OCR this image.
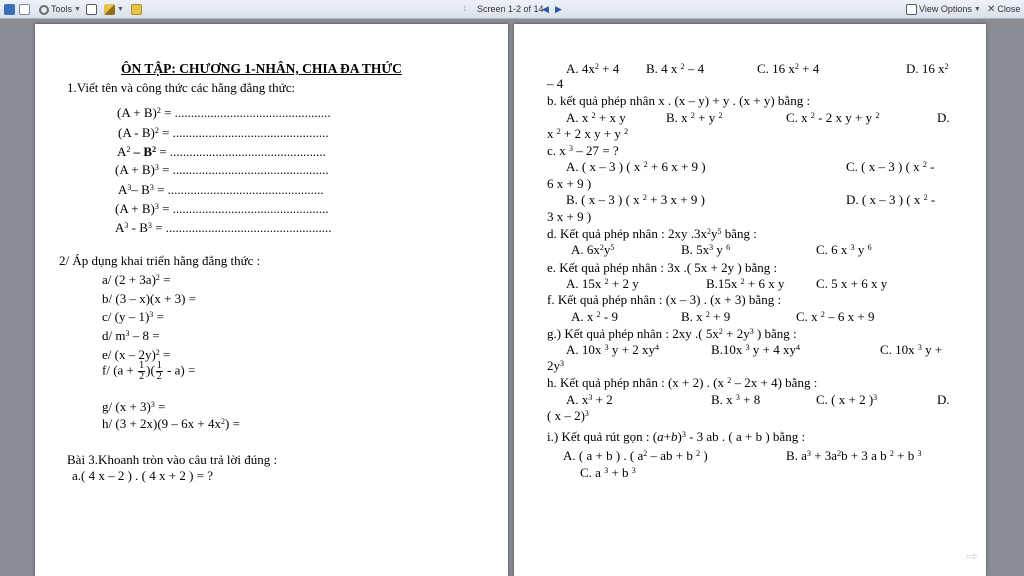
Tools ▼	▼	⁞ Screen 1-2 of 14
◀ ▶	View Options ▼ ✕ Close
ÔN TẬP: CHƯƠNG 1-NHÂN, CHIA ĐA THỨC
1.Viết tên và công thức các hằng đẳng thức:
$(A + B)^2$ = ................................................
(A - B)$^2$ = ................................................
$A^2 - B^2$ = ................................................
$(A + B)^3$ = ................................................
$A^3-$ $B^3$ = ................................................
$(A + B)^3$ = ................................................
$A^3 - B^3$ = ...................................................
2/ Áp dụng khai triển hằng đẳng thức :
a/ $(2 + 3a)^2$ =
b/ (3 – x)(x + 3) =
c/ (y – 1)$^3$ =
d/ $m^3 - 8$ =
e/ (x – 2y)$^2$ =
f/ ($a + \frac{1}{2}$ )( $\frac{1}{2} - a$) =
g/ $(x + 3)^3$ =
h/ $(3 + 2x)(9 - 6x + 4x^2)$ =
Bài 3.Khoanh tròn vào câu trả lời đúng :
a.( 4 x – 2 ) . ( 4 x + 2 ) = ?
A. $4x^2 + 4$ B. 4 x $^2$ – 4	C. 16 $x^2 + 4$	D. 16 $x^2$
– 4
b. kết quả phép nhân x . (x – y) + y . (x + y) bằng :
A. x $^2$ + x y	B. x $^2$ + y $^2$	C. x $^2$ - 2 x y + y $^2$	D.
x $^2$ + 2 x y + y $^2$
c. x $^3$ – 27 = ?
A. ( x – 3 ) ( x $^2$ + 6 x + 9 )	C. ( x – 3 ) ( x $^2$ -
6 x + 9 )
B. ( x – 3 ) ( x $^2$ + 3 x + 9 )	D. ( x – 3 ) ( x $^2$ -
3 x + 9 )
d. Kết quả phép nhân : 2xy $.3x^2y^5$ bằng :
A. $6x^2y^5$	B. $5x^3$ y $^6$	C. 6 x $^3$ y $^6$
e. Kết quả phép nhân : 3x .( 5x + 2y ) bằng :
A. 15x $^2$ + 2 y	B.15x $^2$ + 6 x y C. 5 x + 6 x y
f. Kết quả phép nhân : (x – 3) . (x + 3) bằng :
A. x $^2$ - 9	B. x $^2$ + 9	C. x $^2$ – 6 x + 9
g.) Kết quả phép nhân : 2xy .( $5x^2 + 2y^3$ ) bằng :
A. 10x $^3$ y + 2 $xy^4$	B.10x $^3$ y + 4 $xy^4$	C. 10x $^3$ y +
$2y^3$
h. Kết quả phép nhân : (x + 2) . (x $^2$ – 2x + 4) bằng :
A. $x^3 + 2$	B. x $^3$ + 8	C. ( x + 2 )$^3$	D.
( x – 2)$^3$
i.) Kết quả rút gọn : $(a+b)^3 - 3$ ab . ( a + b ) bằng :
A. ( a + b ) . ( $a^2$ – ab + b $^2$ )	B. $a^3 + 3a^2b + 3$ a b $^2$ + b $^3$
C. a $^3$ + b $^3$
⇨
